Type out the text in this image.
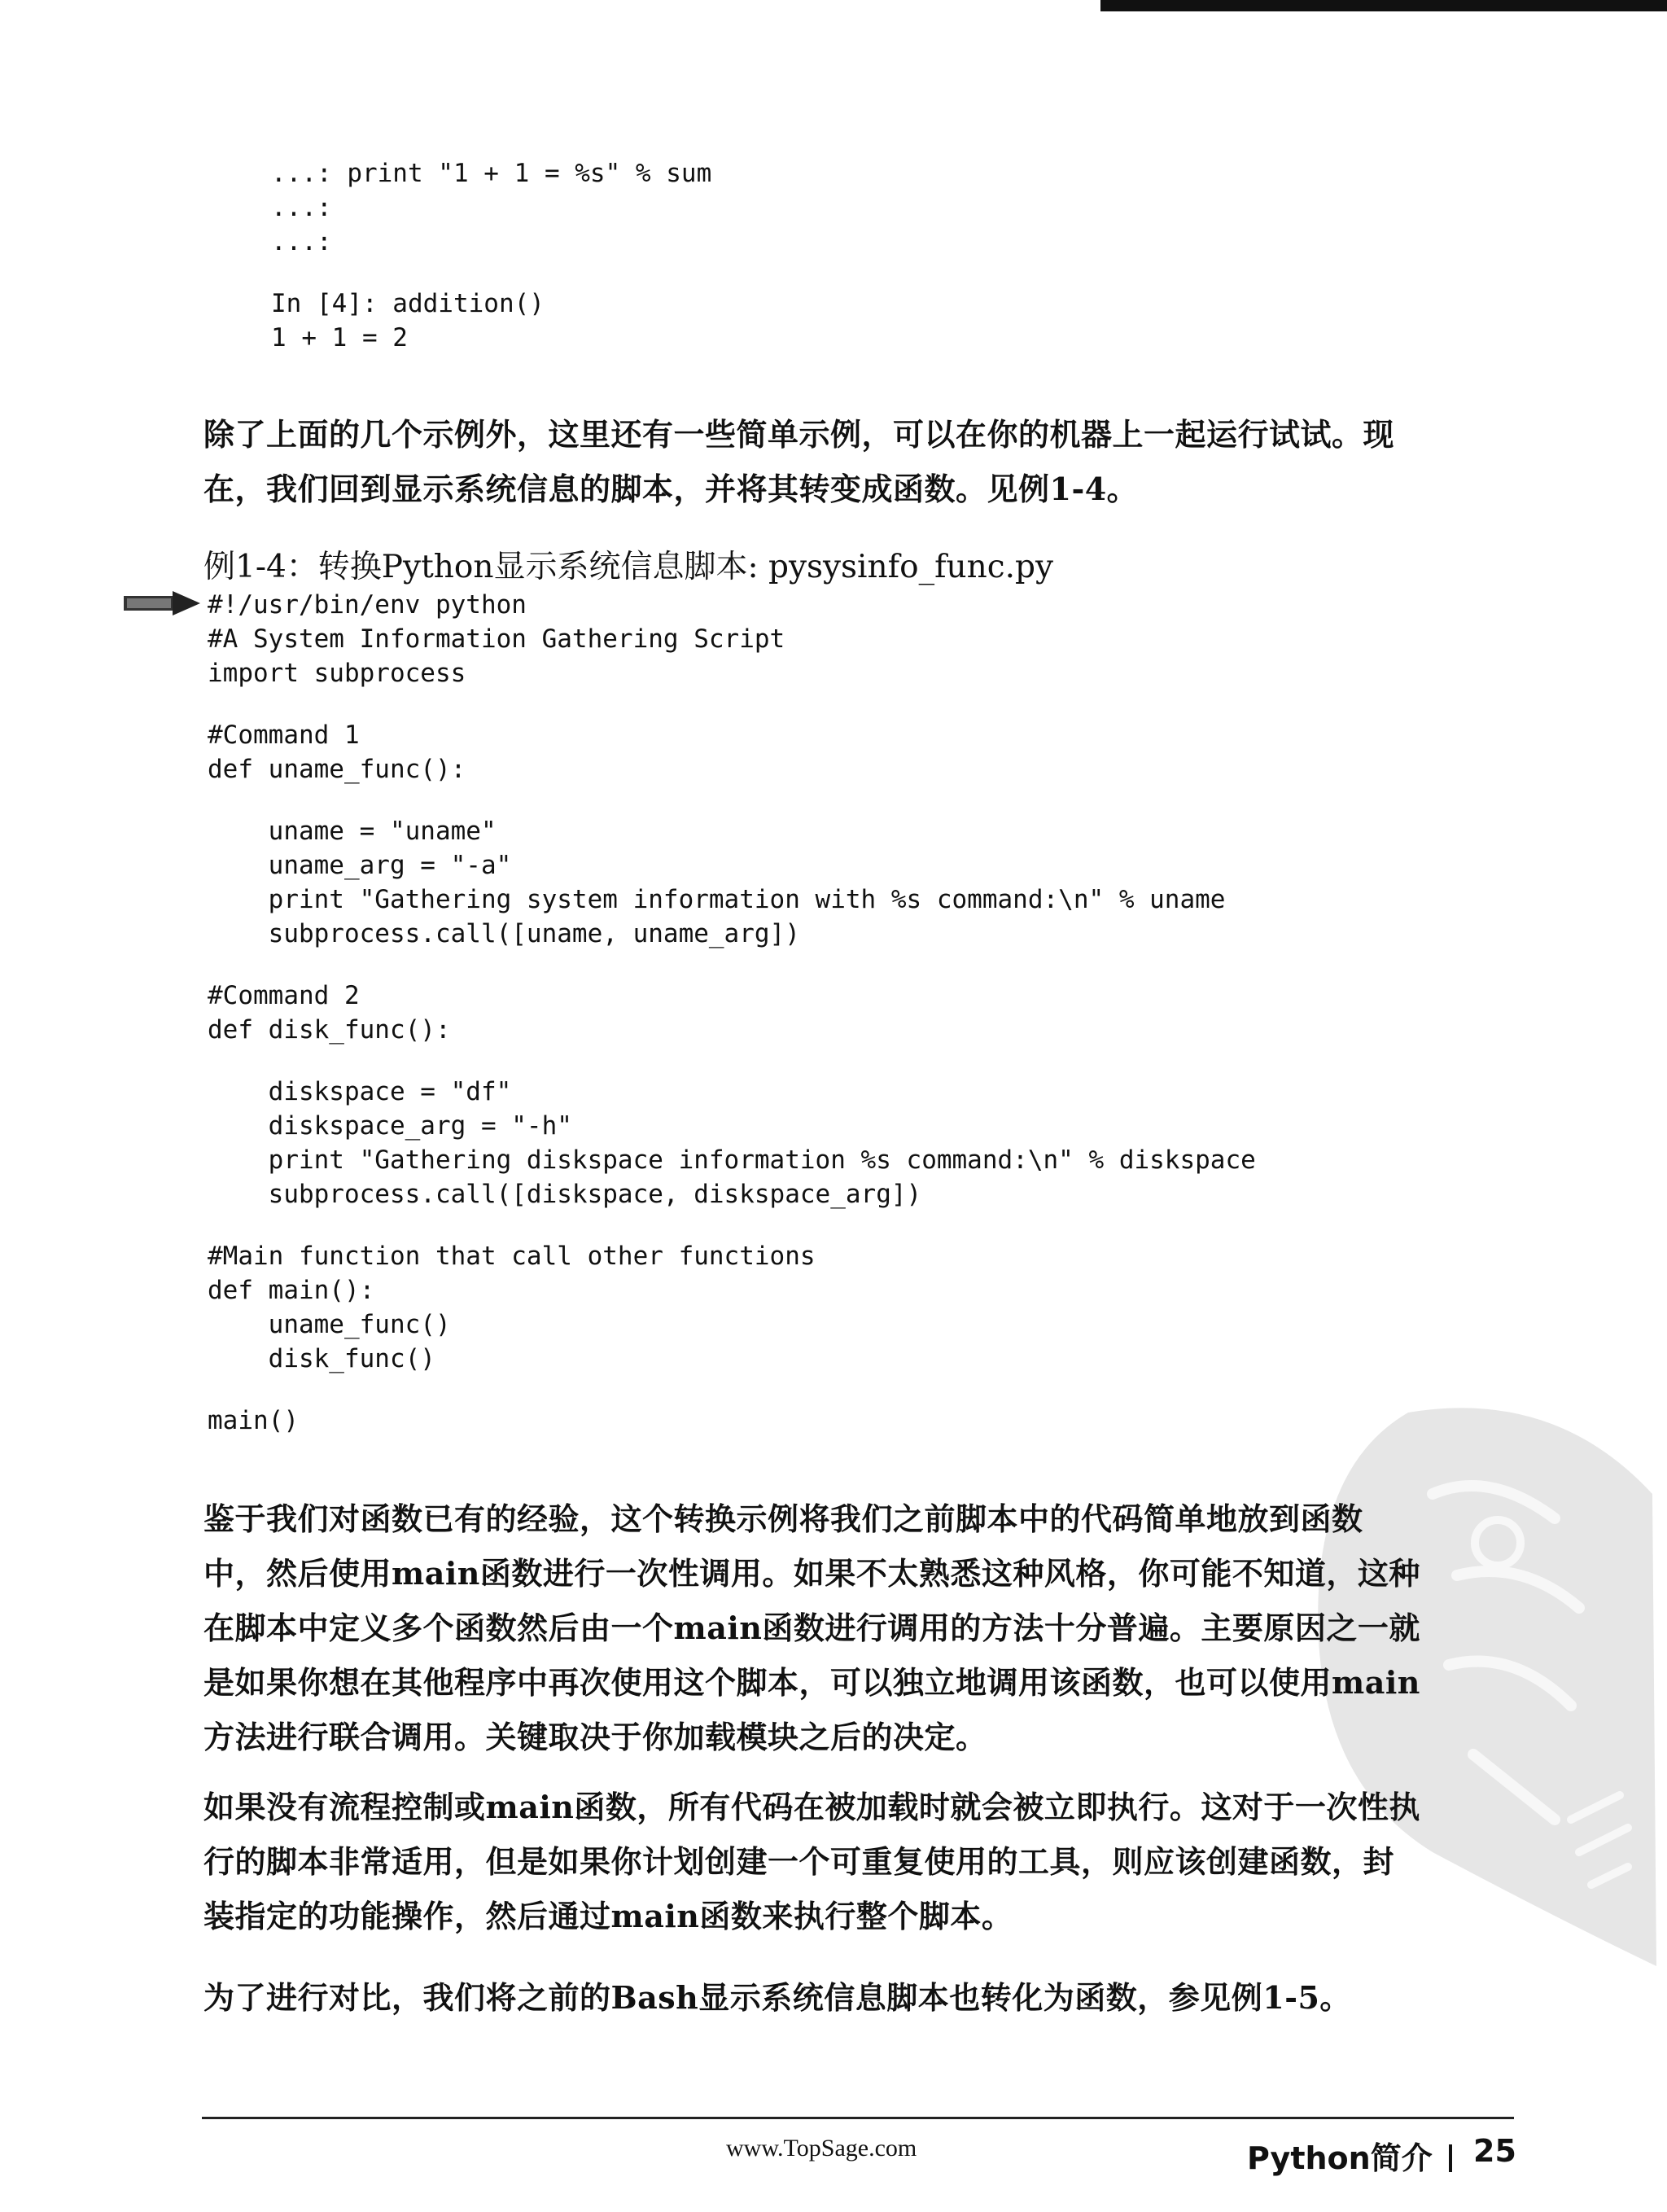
...: print "1 + 1 = %s" % sum
...:
...:
In [4]: addition()
1 + 1 = 2
除了上面的几个示例外，这里还有一些简单示例，可以在你的机器上一起运行试试。现
在，我们回到显示系统信息的脚本，并将其转变成函数。见例1-4。
例1-4：转换Python显示系统信息脚本: pysysinfo_func.py
#!/usr/bin/env python
#A System Information Gathering Script
import subprocess
#Command 1
def uname_func():
uname = "uname"
uname_arg = "-a"
print "Gathering system information with %s command:\n" % uname
subprocess.call([uname, uname_arg])
#Command 2
def disk_func():
diskspace = "df"
diskspace_arg = "-h"
print "Gathering diskspace information %s command:\n" % diskspace
subprocess.call([diskspace, diskspace_arg])
#Main function that call other functions
def main():
uname_func()
disk_func()
main()
鉴于我们对函数已有的经验，这个转换示例将我们之前脚本中的代码简单地放到函数
中，然后使用main函数进行一次性调用。如果不太熟悉这种风格，你可能不知道，这种
在脚本中定义多个函数然后由一个main函数进行调用的方法十分普遍。主要原因之一就
是如果你想在其他程序中再次使用这个脚本，可以独立地调用该函数，也可以使用main
方法进行联合调用。关键取决于你加载模块之后的决定。
如果没有流程控制或main函数，所有代码在被加载时就会被立即执行。这对于一次性执
行的脚本非常适用，但是如果你计划创建一个可重复使用的工具，则应该创建函数，封
装指定的功能操作，然后通过main函数来执行整个脚本。
为了进行对比，我们将之前的Bash显示系统信息脚本也转化为函数，参见例1-5。
www.TopSage.com	Python简介 25
